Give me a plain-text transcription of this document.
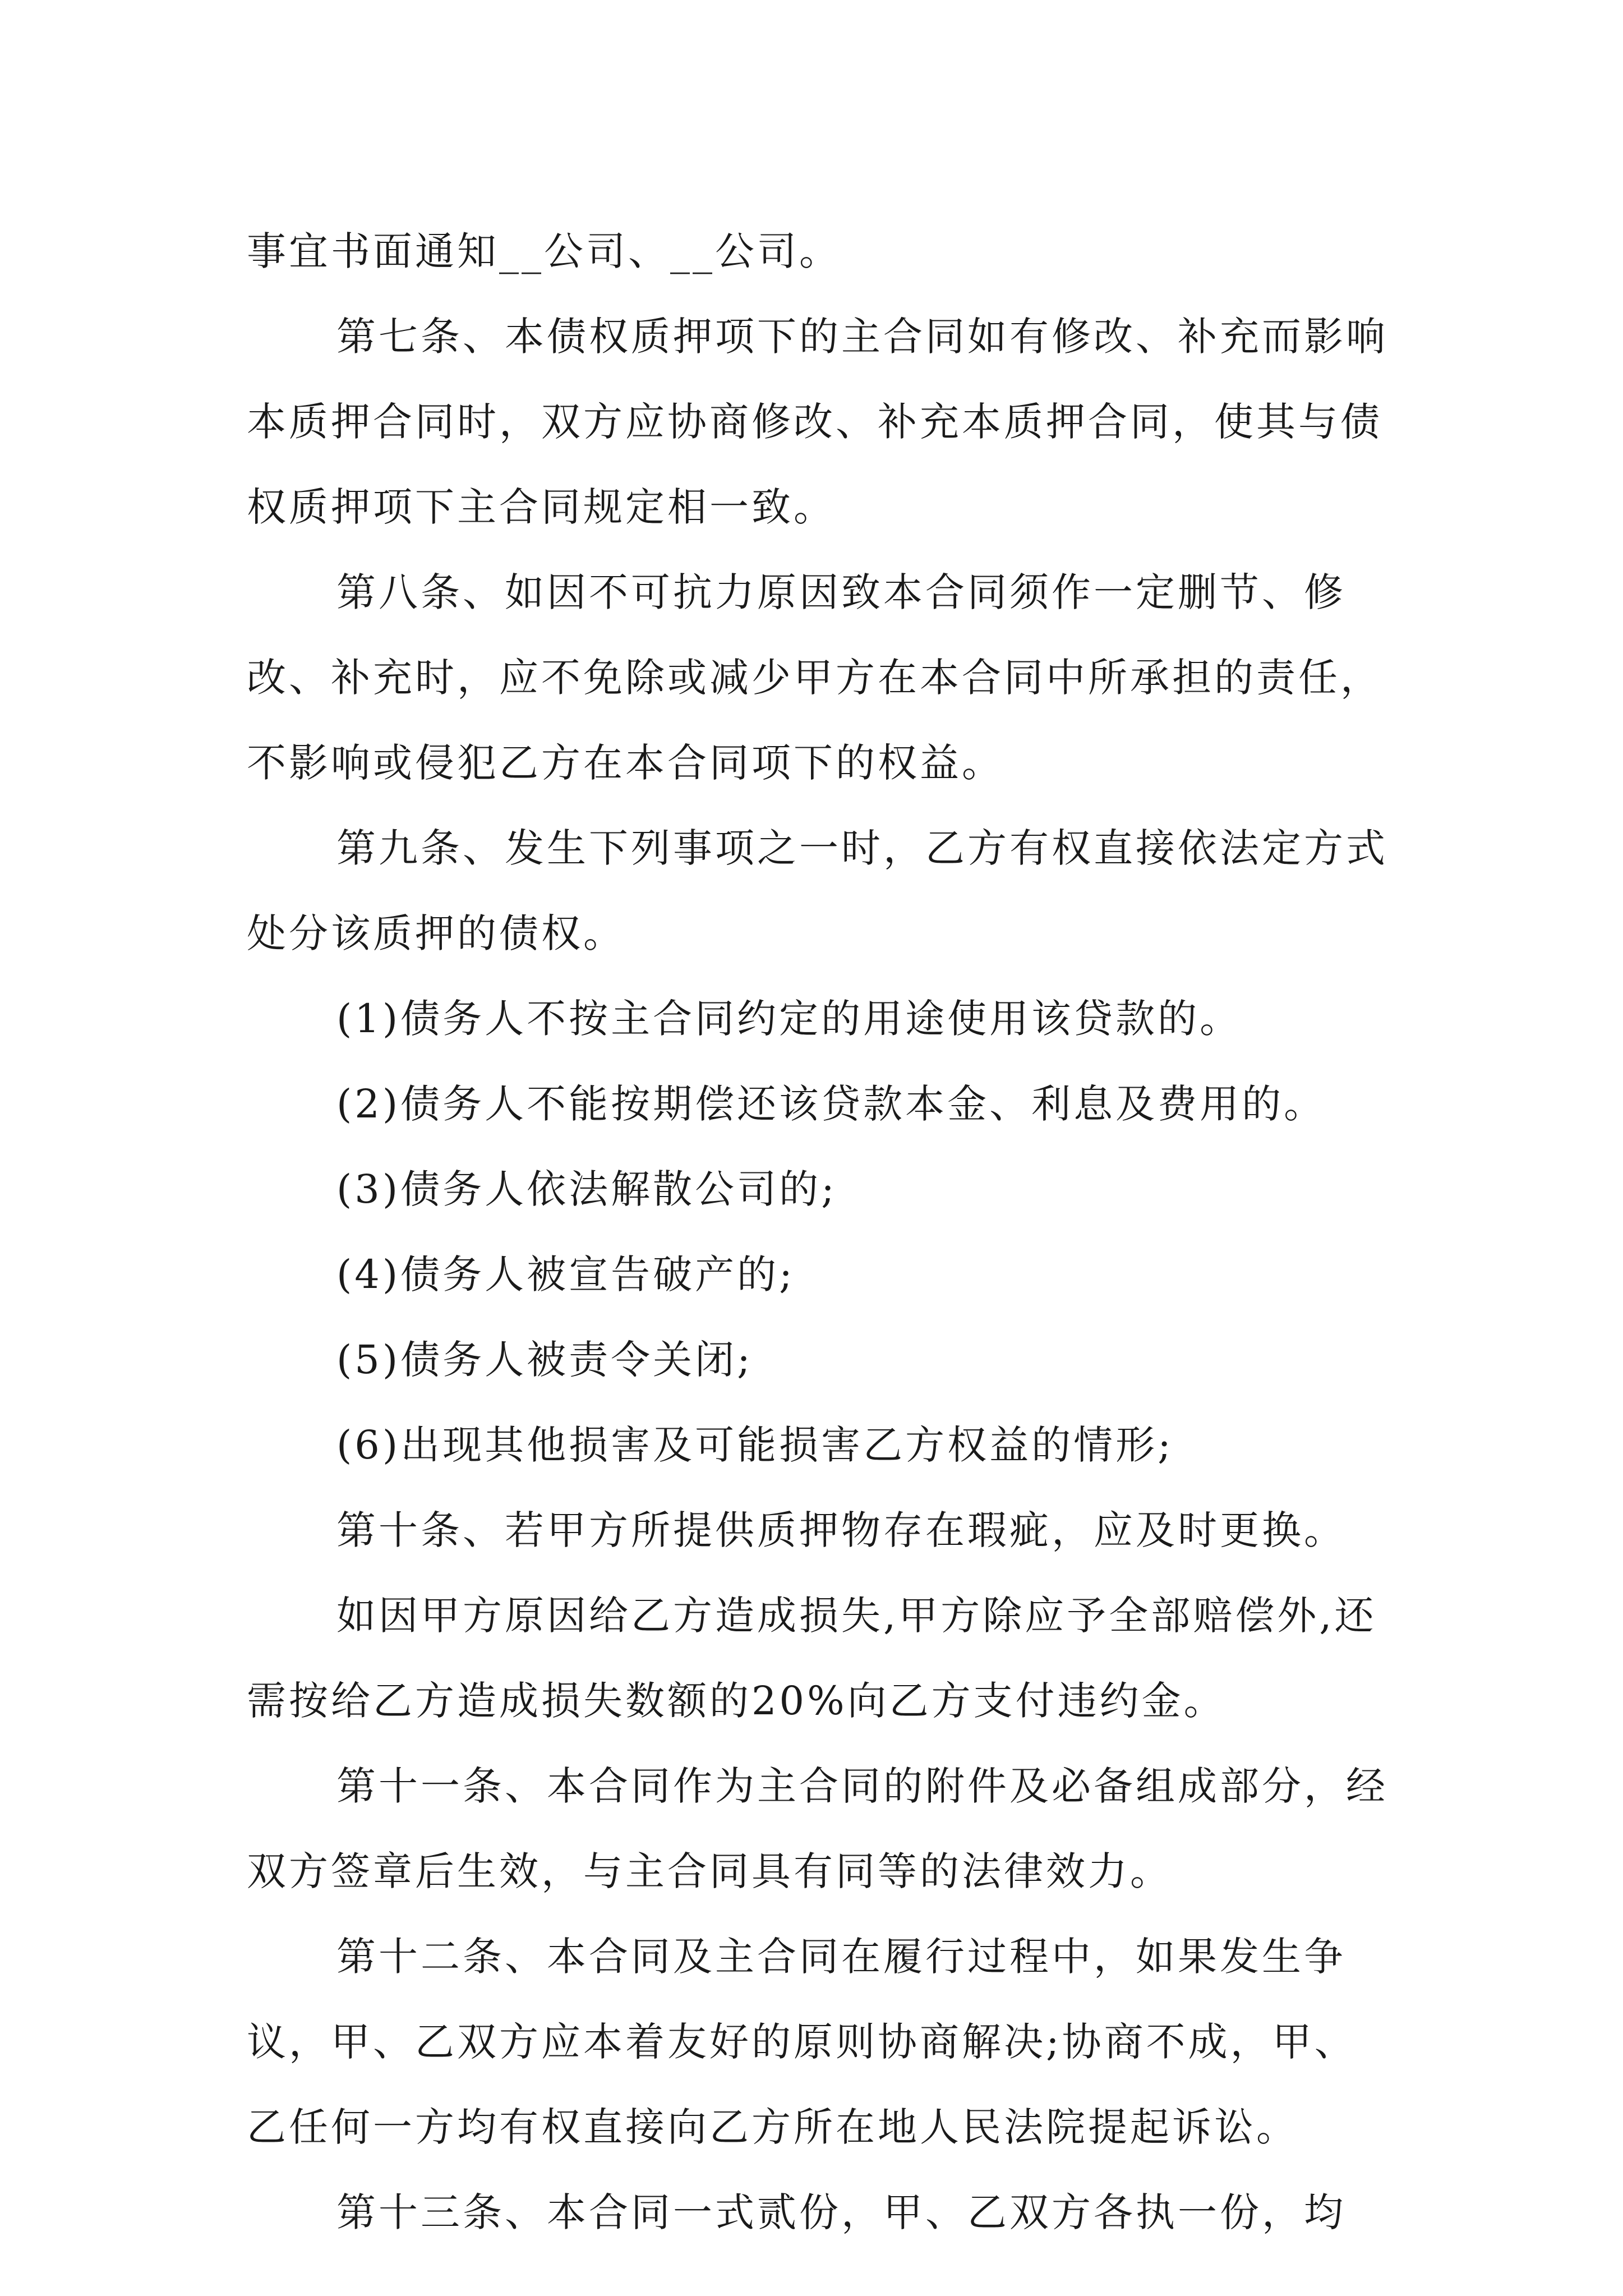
事宜书面通知__公司、__公司。

第七条、本债权质押项下的主合同如有修改、补充而影响本质押合同时，双方应协商修改、补充本质押合同，使其与债权质押项下主合同规定相一致。

第八条、如因不可抗力原因致本合同须作一定删节、修改、补充时，应不免除或减少甲方在本合同中所承担的责任，不影响或侵犯乙方在本合同项下的权益。

第九条、发生下列事项之一时，乙方有权直接依法定方式处分该质押的债权。

(1)债务人不按主合同约定的用途使用该贷款的。

(2)债务人不能按期偿还该贷款本金、利息及费用的。

(3)债务人依法解散公司的;

(4)债务人被宣告破产的;

(5)债务人被责令关闭;

(6)出现其他损害及可能损害乙方权益的情形;

第十条、若甲方所提供质押物存在瑕疵，应及时更换。

如因甲方原因给乙方造成损失,甲方除应予全部赔偿外,还需按给乙方造成损失数额的20%向乙方支付违约金。

第十一条、本合同作为主合同的附件及必备组成部分，经双方签章后生效，与主合同具有同等的法律效力。

第十二条、本合同及主合同在履行过程中，如果发生争议，甲、乙双方应本着友好的原则协商解决;协商不成，甲、乙任何一方均有权直接向乙方所在地人民法院提起诉讼。

第十三条、本合同一式贰份，甲、乙双方各执一份，均
